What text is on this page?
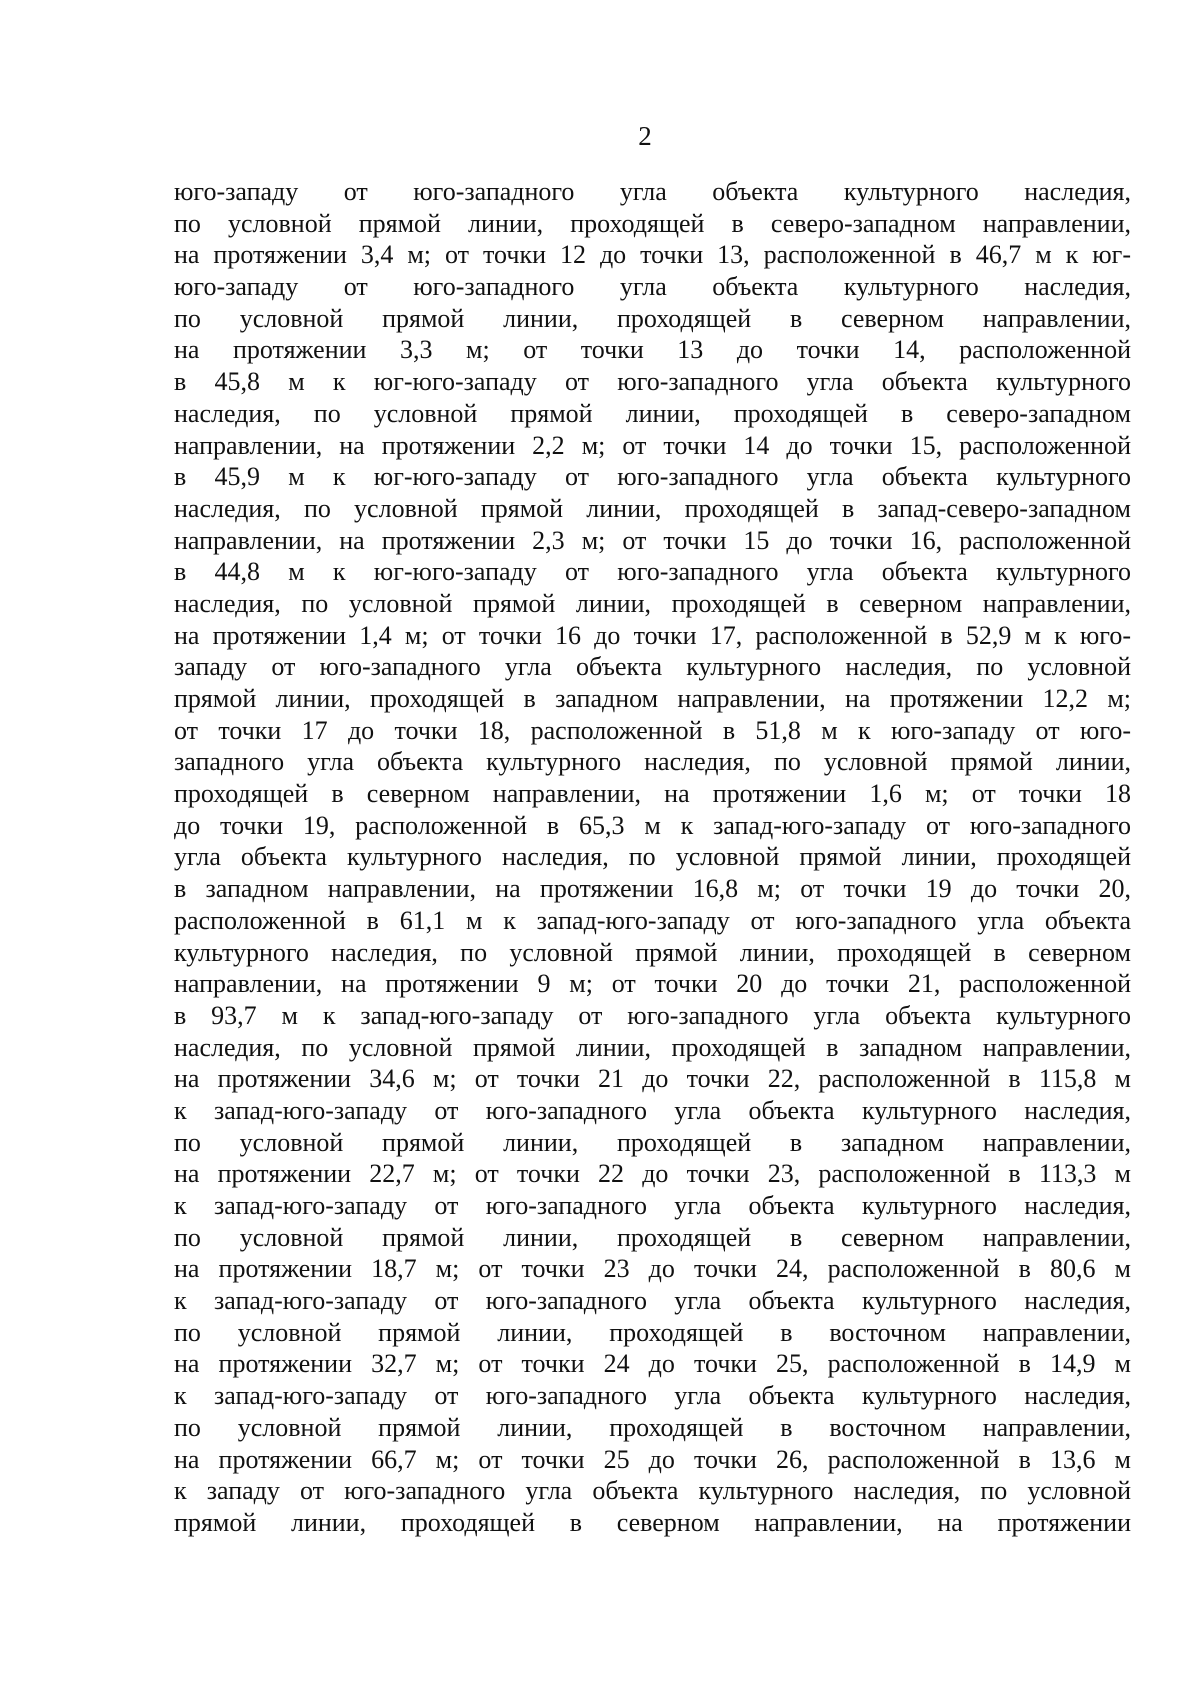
2
юго-западу от юго-западного угла объекта культурного наследия,
по условной прямой линии, проходящей в северо-западном направлении,
на протяжении 3,4 м; от точки 12 до точки 13, расположенной в 46,7 м к юг-
юго-западу от юго-западного угла объекта культурного наследия,
по условной прямой линии, проходящей в северном направлении,
на протяжении 3,3 м; от точки 13 до точки 14, расположенной
в 45,8 м к юг-юго-западу от юго-западного угла объекта культурного
наследия, по условной прямой линии, проходящей в северо-западном
направлении, на протяжении 2,2 м; от точки 14 до точки 15, расположенной
в 45,9 м к юг-юго-западу от юго-западного угла объекта культурного
наследия, по условной прямой линии, проходящей в запад-северо-западном
направлении, на протяжении 2,3 м; от точки 15 до точки 16, расположенной
в 44,8 м к юг-юго-западу от юго-западного угла объекта культурного
наследия, по условной прямой линии, проходящей в северном направлении,
на протяжении 1,4 м; от точки 16 до точки 17, расположенной в 52,9 м к юго-
западу от юго-западного угла объекта культурного наследия, по условной
прямой линии, проходящей в западном направлении, на протяжении 12,2 м;
от точки 17 до точки 18, расположенной в 51,8 м к юго-западу от юго-
западного угла объекта культурного наследия, по условной прямой линии,
проходящей в северном направлении, на протяжении 1,6 м; от точки 18
до точки 19, расположенной в 65,3 м к запад-юго-западу от юго-западного
угла объекта культурного наследия, по условной прямой линии, проходящей
в западном направлении, на протяжении 16,8 м; от точки 19 до точки 20,
расположенной в 61,1 м к запад-юго-западу от юго-западного угла объекта
культурного наследия, по условной прямой линии, проходящей в северном
направлении, на протяжении 9 м; от точки 20 до точки 21, расположенной
в 93,7 м к запад-юго-западу от юго-западного угла объекта культурного
наследия, по условной прямой линии, проходящей в западном направлении,
на протяжении 34,6 м; от точки 21 до точки 22, расположенной в 115,8 м
к запад-юго-западу от юго-западного угла объекта культурного наследия,
по условной прямой линии, проходящей в западном направлении,
на протяжении 22,7 м; от точки 22 до точки 23, расположенной в 113,3 м
к запад-юго-западу от юго-западного угла объекта культурного наследия,
по условной прямой линии, проходящей в северном направлении,
на протяжении 18,7 м; от точки 23 до точки 24, расположенной в 80,6 м
к запад-юго-западу от юго-западного угла объекта культурного наследия,
по условной прямой линии, проходящей в восточном направлении,
на протяжении 32,7 м; от точки 24 до точки 25, расположенной в 14,9 м
к запад-юго-западу от юго-западного угла объекта культурного наследия,
по условной прямой линии, проходящей в восточном направлении,
на протяжении 66,7 м; от точки 25 до точки 26, расположенной в 13,6 м
к западу от юго-западного угла объекта культурного наследия, по условной
прямой линии, проходящей в северном направлении, на протяжении
